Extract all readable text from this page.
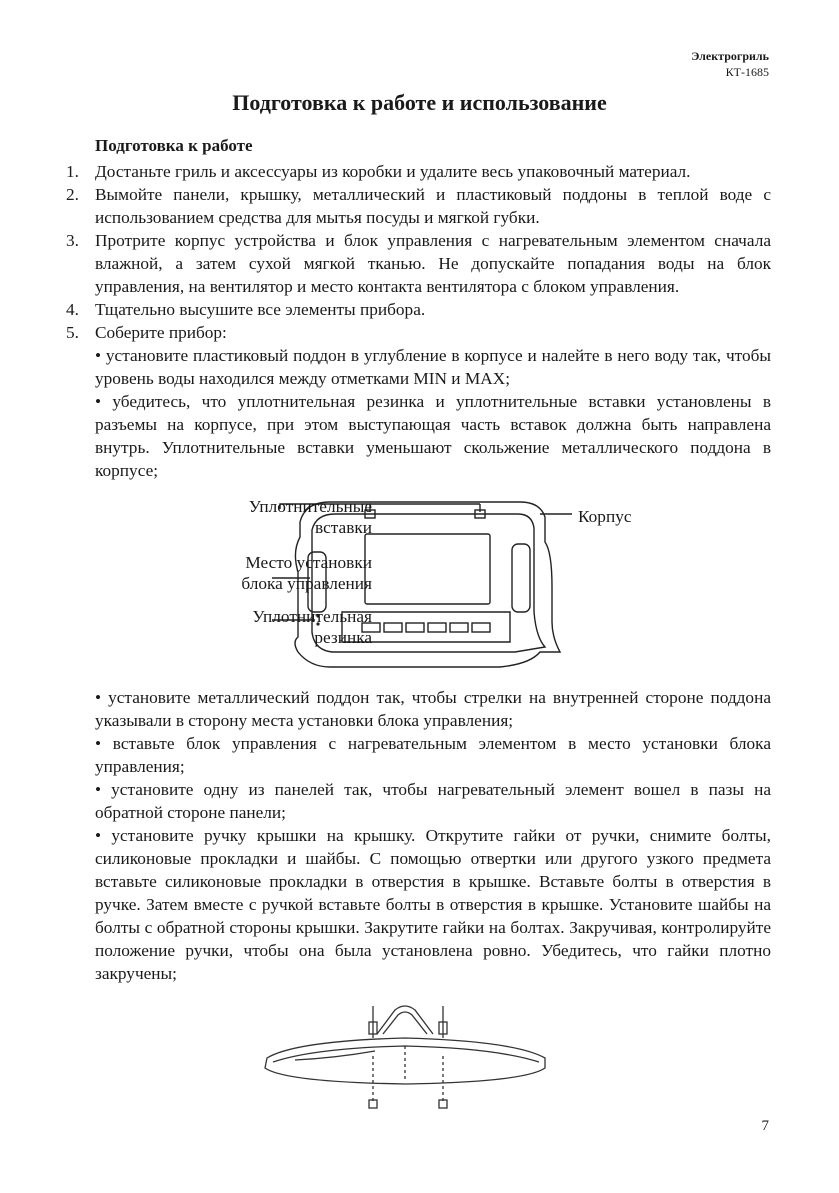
Электрогриль
КТ-1685
Подготовка к работе и использование
Подготовка к работе
1. Достаньте гриль и аксессуары из коробки и удалите весь упаковочный материал.

2. Вымойте панели, крышку, металлический и пластиковый поддоны в теплой воде с использованием средства для мытья посуды и мягкой губки.

3. Протрите корпус устройства и блок управления с нагревательным элементом сначала влажной, а затем сухой мягкой тканью. Не допускайте попадания воды на блок управления, на вентилятор и место контакта вентилятора с блоком управления.

4. Тщательно высушите все элементы прибора.

5. Соберите прибор:

• установите пластиковый поддон в углубление в корпусе и налейте в него воду так, чтобы уровень воды находился между отметками MIN и MAX;

• убедитесь, что уплотнительная резинка и уплотнительные вставки установлены в разъемы на корпусе, при этом выступающая часть вставок должна быть направлена внутрь. Уплотнительные вставки уменьшают скольжение металлического поддона в корпусе;

Уплотнительные
вставки
Место установки
блока управления
Уплотнительная
резинка
Корпус

• установите металлический поддон так, чтобы стрелки на внутренней стороне поддона указывали в сторону места установки блока управления;

• вставьте блок управления с нагревательным элементом в место установки блока управления;

• установите одну из панелей так, чтобы нагревательный элемент вошел в пазы на обратной стороне панели;

• установите ручку крышки на крышку. Открутите гайки от ручки, снимите болты, силиконовые прокладки и шайбы. С помощью отвертки или другого узкого предмета вставьте силиконовые прокладки в отверстия в крышке. Вставьте болты в отверстия в ручке. Затем вместе с ручкой вставьте болты в отверстия в крышке. Установите шайбы на болты с обратной стороны крышки. Закрутите гайки на болтах. Закручивая, контролируйте положение ручки, чтобы она была установлена ровно. Убедитесь, что гайки плотно закручены;

7
